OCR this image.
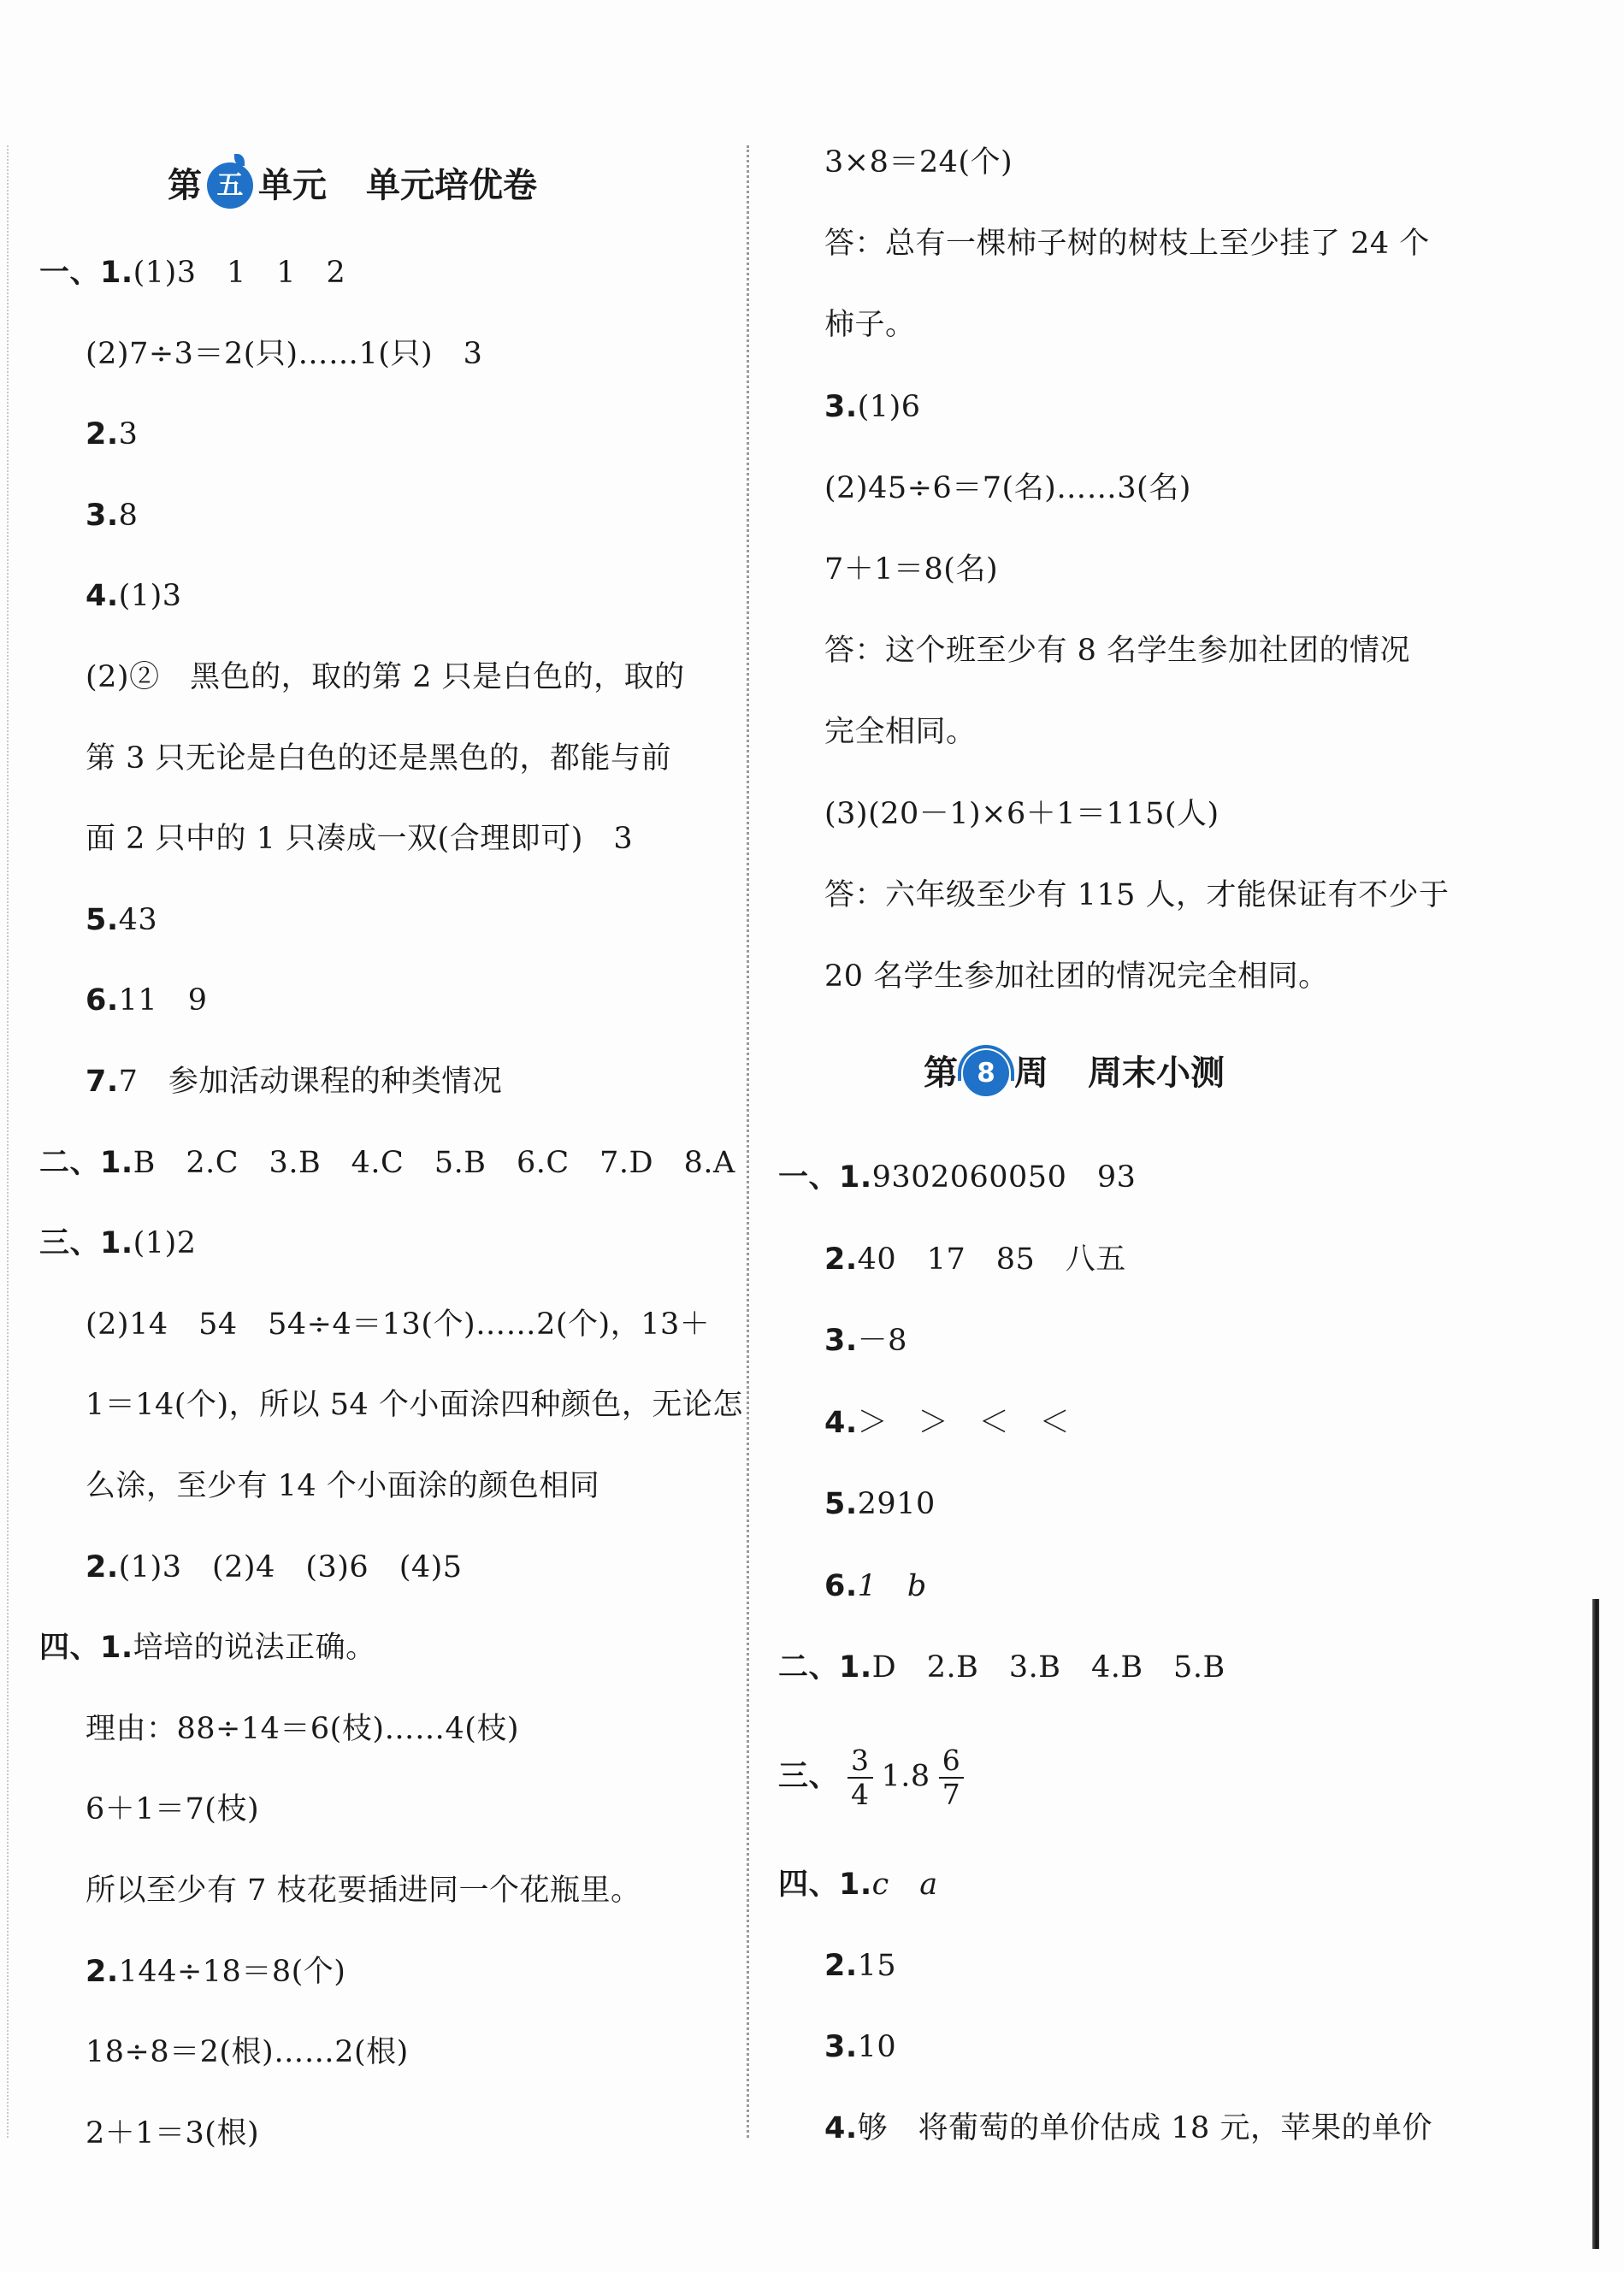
第 五 单元 单元培优卷
一、1.(1)3　1　1　2
(2)7÷3＝2(只)……1(只)　3
2.3
3.8
4.(1)3
(2)②　黑色的，取的第 2 只是白色的，取的
第 3 只无论是白色的还是黑色的，都能与前
面 2 只中的 1 只凑成一双(合理即可)　3
5.43
6.11　9
7.7　参加活动课程的种类情况
二、1.B　2.C　3.B　4.C　5.B　6.C　7.D　8.A
三、1.(1)2
(2)14　54　54÷4＝13(个)……2(个)，13＋
1＝14(个)，所以 54 个小面涂四种颜色，无论怎
么涂，至少有 14 个小面涂的颜色相同
2.(1)3　(2)4　(3)6　(4)5
四、1.培培的说法正确。
理由：88÷14＝6(枝)……4(枝)
6＋1＝7(枝)
所以至少有 7 枝花要插进同一个花瓶里。
2.144÷18＝8(个)
18÷8＝2(根)……2(根)
2＋1＝3(根)
3×8＝24(个)
答：总有一棵柿子树的树枝上至少挂了 24 个
柿子。
3.(1)6
(2)45÷6＝7(名)……3(名)
7＋1＝8(名)
答：这个班至少有 8 名学生参加社团的情况
完全相同。
(3)(20－1)×6＋1＝115(人)
答：六年级至少有 115 人，才能保证有不少于
20 名学生参加社团的情况完全相同。
第 8 周 周末小测
一、1.9302060050　93
2.40　17　85　八五
3.－8
4.＞　＞　＜　＜
5.2910
6.1　b
二、1.D　2.B　3.B　4.B　5.B
三、 $\frac{3}{4} 1.8 \frac{6}{7}$
四、1.c　a
2.15
3.10
4.够　将葡萄的单价估成 18 元，苹果的单价
